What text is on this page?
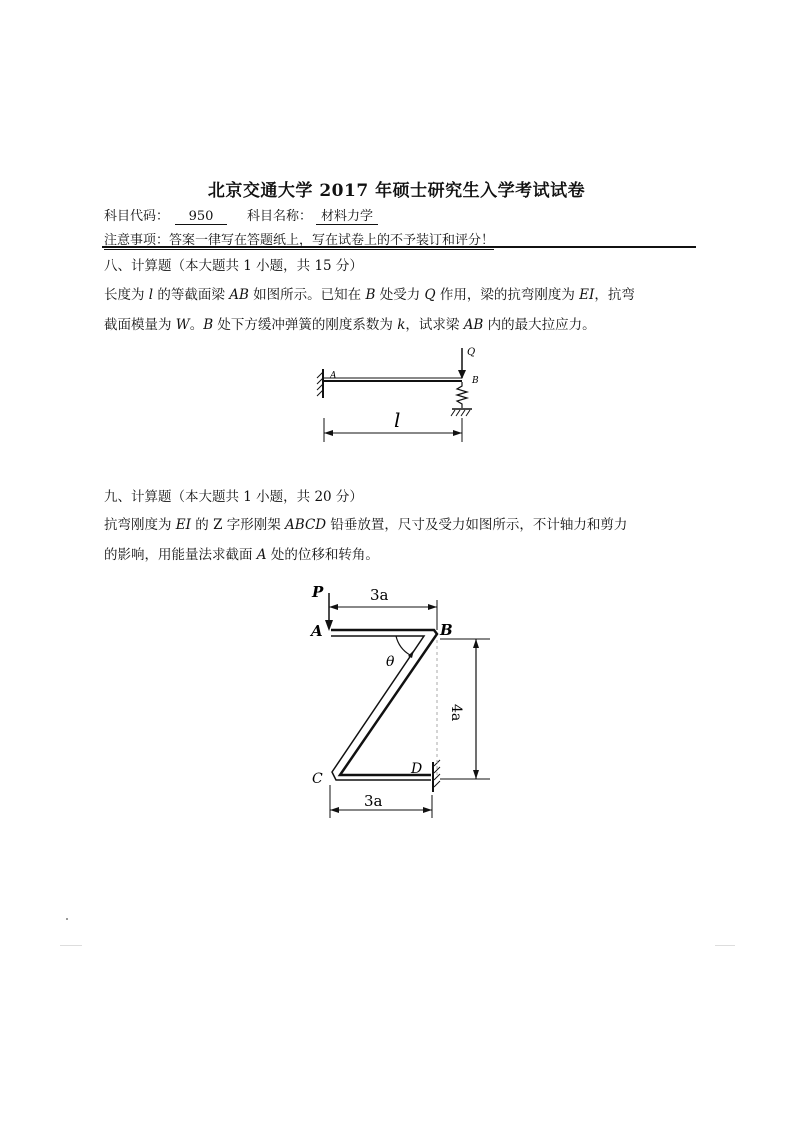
北京交通大学 2017 年硕士研究生入学考试试卷
科目代码： 950	科目名称： 材料力学
注意事项：答案一律写在答题纸上，写在试卷上的不予装订和评分！
八、计算题（本大题共 1 小题，共 15 分）
长度为 l 的等截面梁 AB 如图所示。已知在 B 处受力 Q 作用，梁的抗弯刚度为 EI，抗弯
截面模量为 W。B 处下方缓冲弹簧的刚度系数为 k，试求梁 AB 内的最大拉应力。
Q
A	B
l
九、计算题（本大题共 1 小题，共 20 分）
抗弯刚度为 EI 的 Z 字形刚架 ABCD 铅垂放置，尺寸及受力如图所示，不计轴力和剪力
的影响，用能量法求截面 A 处的位移和转角。
P
A	B
C
D
θ
3a
3a
4a
